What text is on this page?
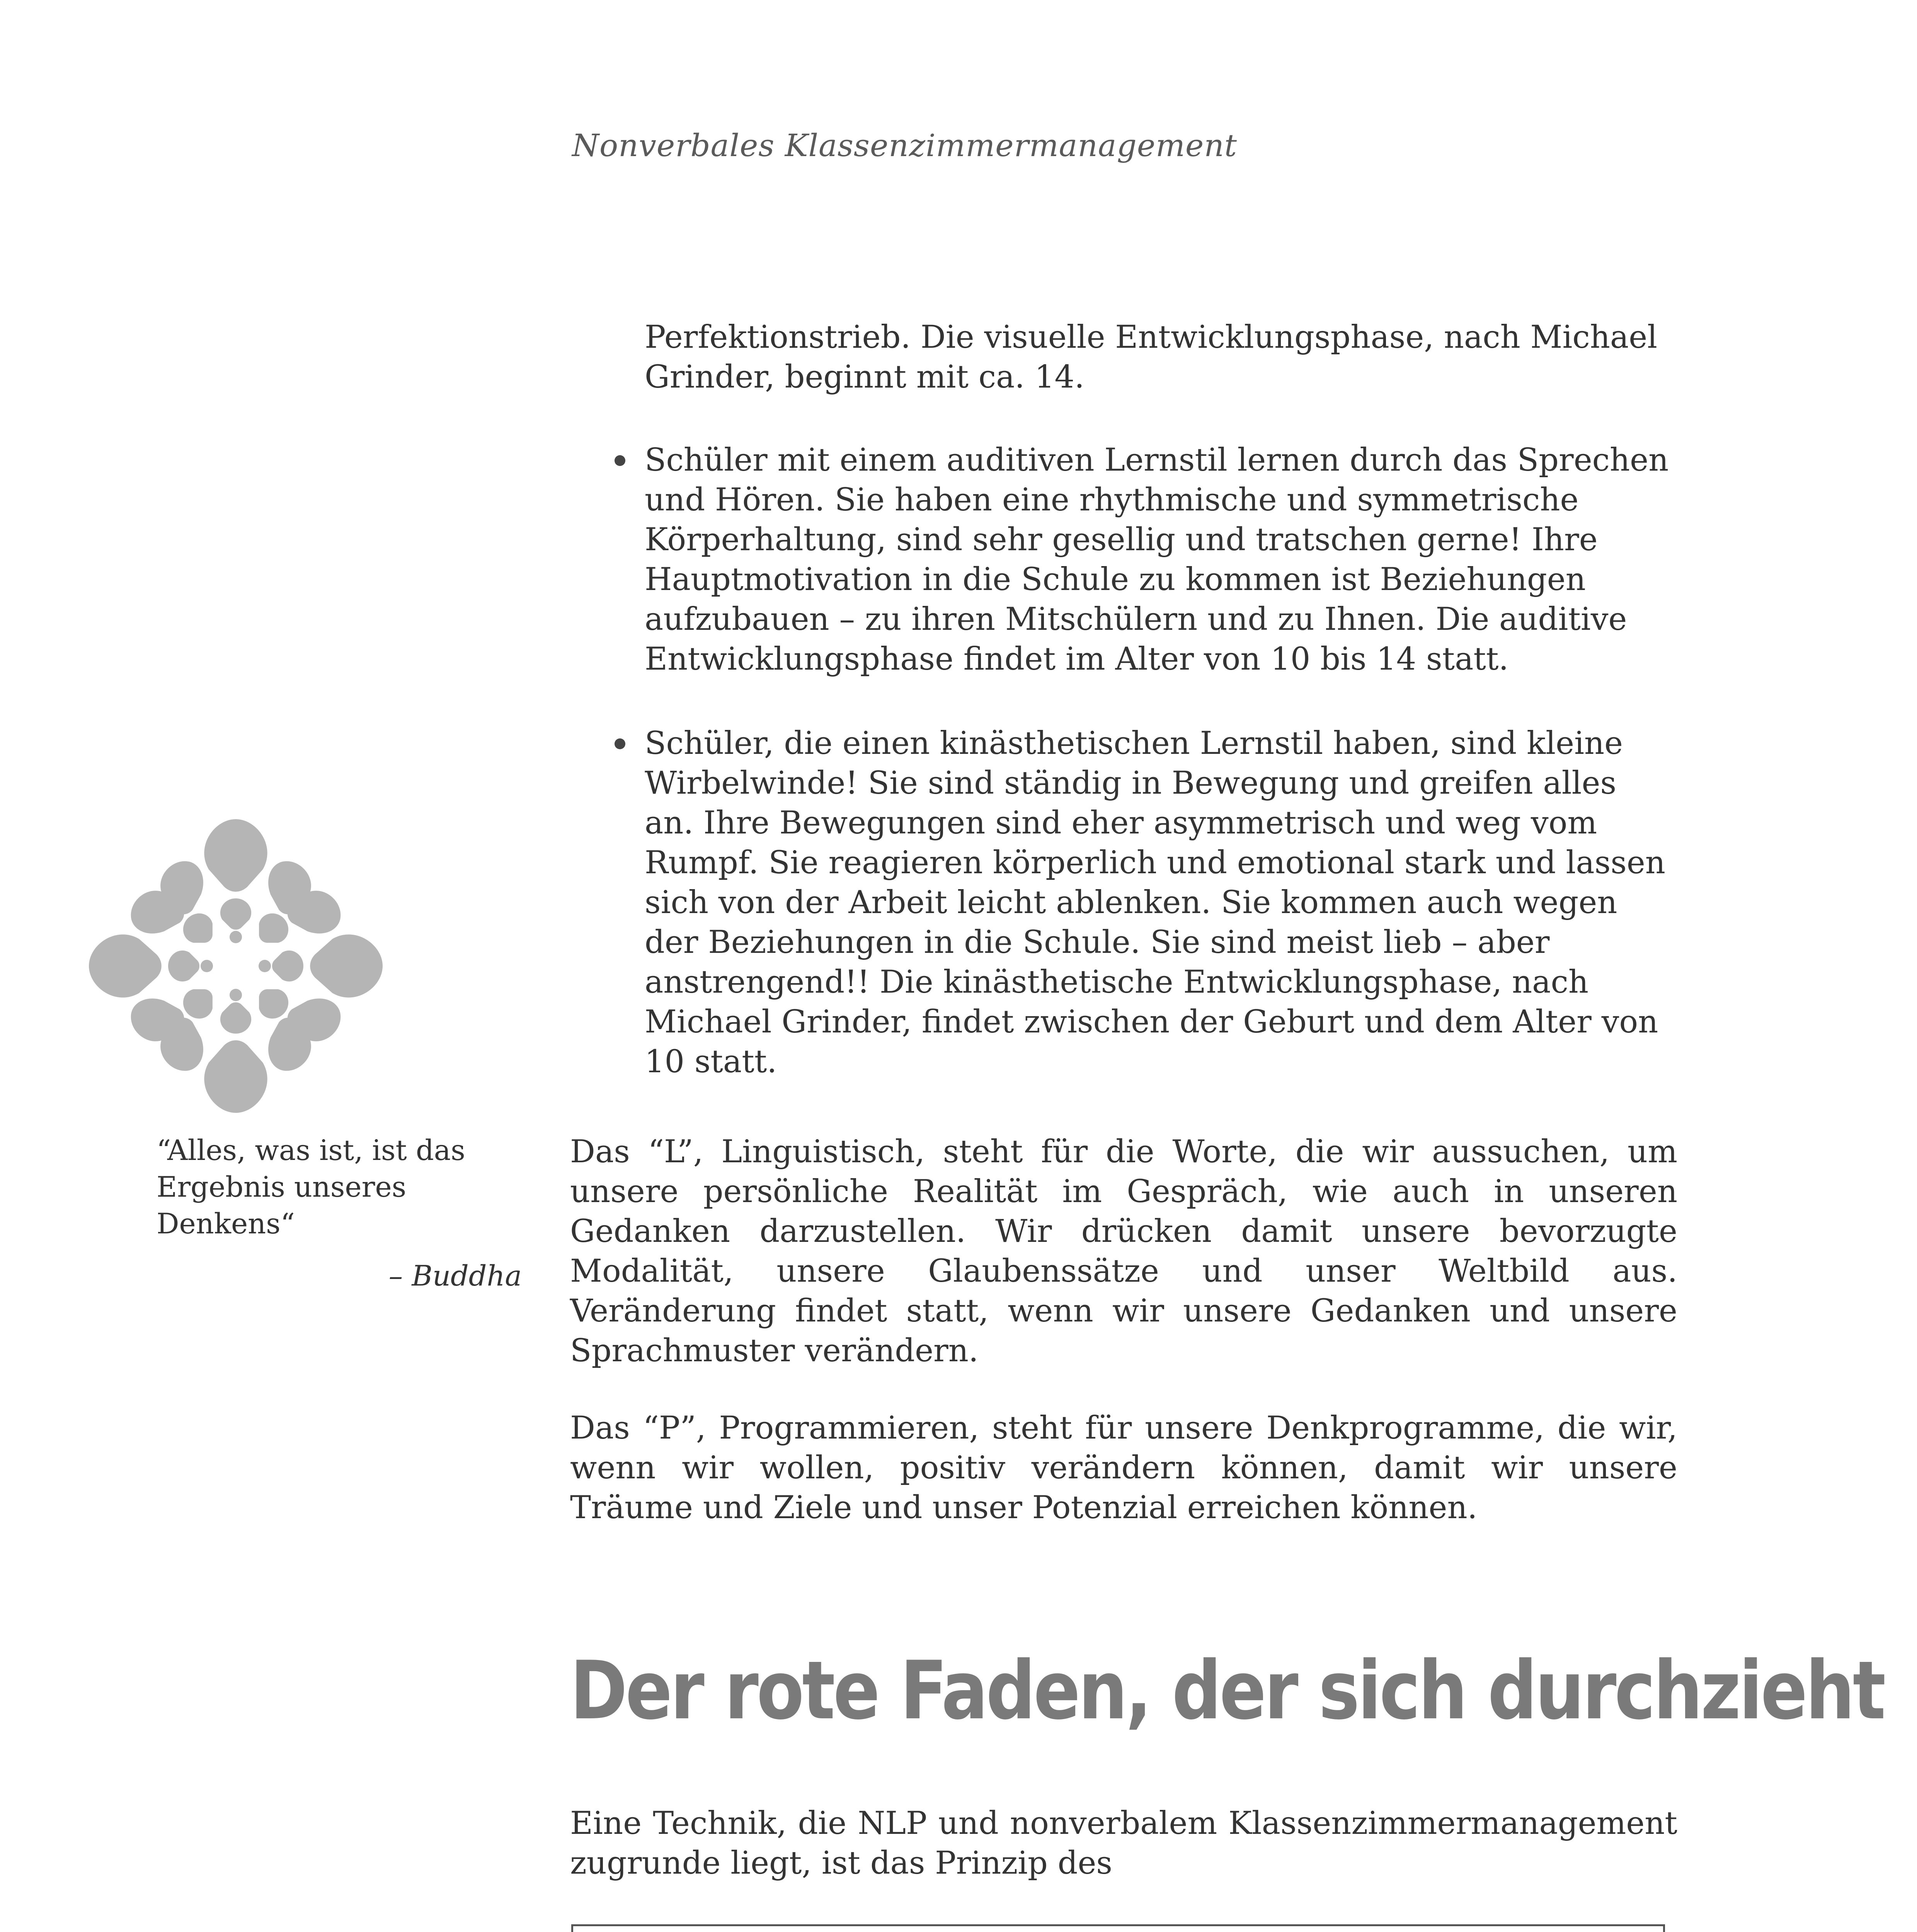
Nonverbales Klassenzimmermanagement
Perfektionstrieb. Die visuelle Entwicklungsphase, nach Michael Grinder, beginnt mit ca. 14.
Schüler mit einem auditiven Lernstil lernen durch das Sprechen und Hören. Sie haben eine rhythmische und symmetrische Körperhaltung, sind sehr gesellig und tratschen gerne! Ihre Hauptmotivation in die Schule zu kommen ist Beziehungen aufzubauen – zu ihren Mitschülern und zu Ihnen. Die auditive Entwicklungsphase findet im Alter von 10 bis 14 statt.
Schüler, die einen kinästhetischen Lernstil haben, sind kleine Wirbelwinde! Sie sind ständig in Bewegung und greifen alles an. Ihre Bewegungen sind eher asymmetrisch und weg vom Rumpf. Sie reagieren körperlich und emotional stark und lassen sich von der Arbeit leicht ablenken. Sie kommen auch wegen der Beziehungen in die Schule. Sie sind meist lieb – aber anstrengend!! Die kinästhetische Entwicklungsphase, nach Michael Grinder, findet zwischen der Geburt und dem Alter von 10 statt.
“Alles, was ist, ist das Ergebnis unseres Denkens“
– Buddha
Das “L”, Linguistisch, steht für die Worte, die wir aussuchen, um unsere persönliche Realität im Gespräch, wie auch in unseren Gedanken darzustellen. Wir drücken damit unsere bevorzugte Modalität, unsere Glaubenssätze und unser Weltbild aus. Veränderung findet statt, wenn wir unsere Gedanken und unsere Sprachmuster verändern.
Das “P”, Programmieren, steht für unsere Denkprogramme, die wir, wenn wir wollen, positiv verändern können, damit wir unsere Träume und Ziele und unser Potenzial erreichen können.
Der rote Faden, der sich durchzieht
Eine Technik, die NLP und nonverbalem Klassenzimmermanagement zugrunde liegt, ist das Prinzip des
